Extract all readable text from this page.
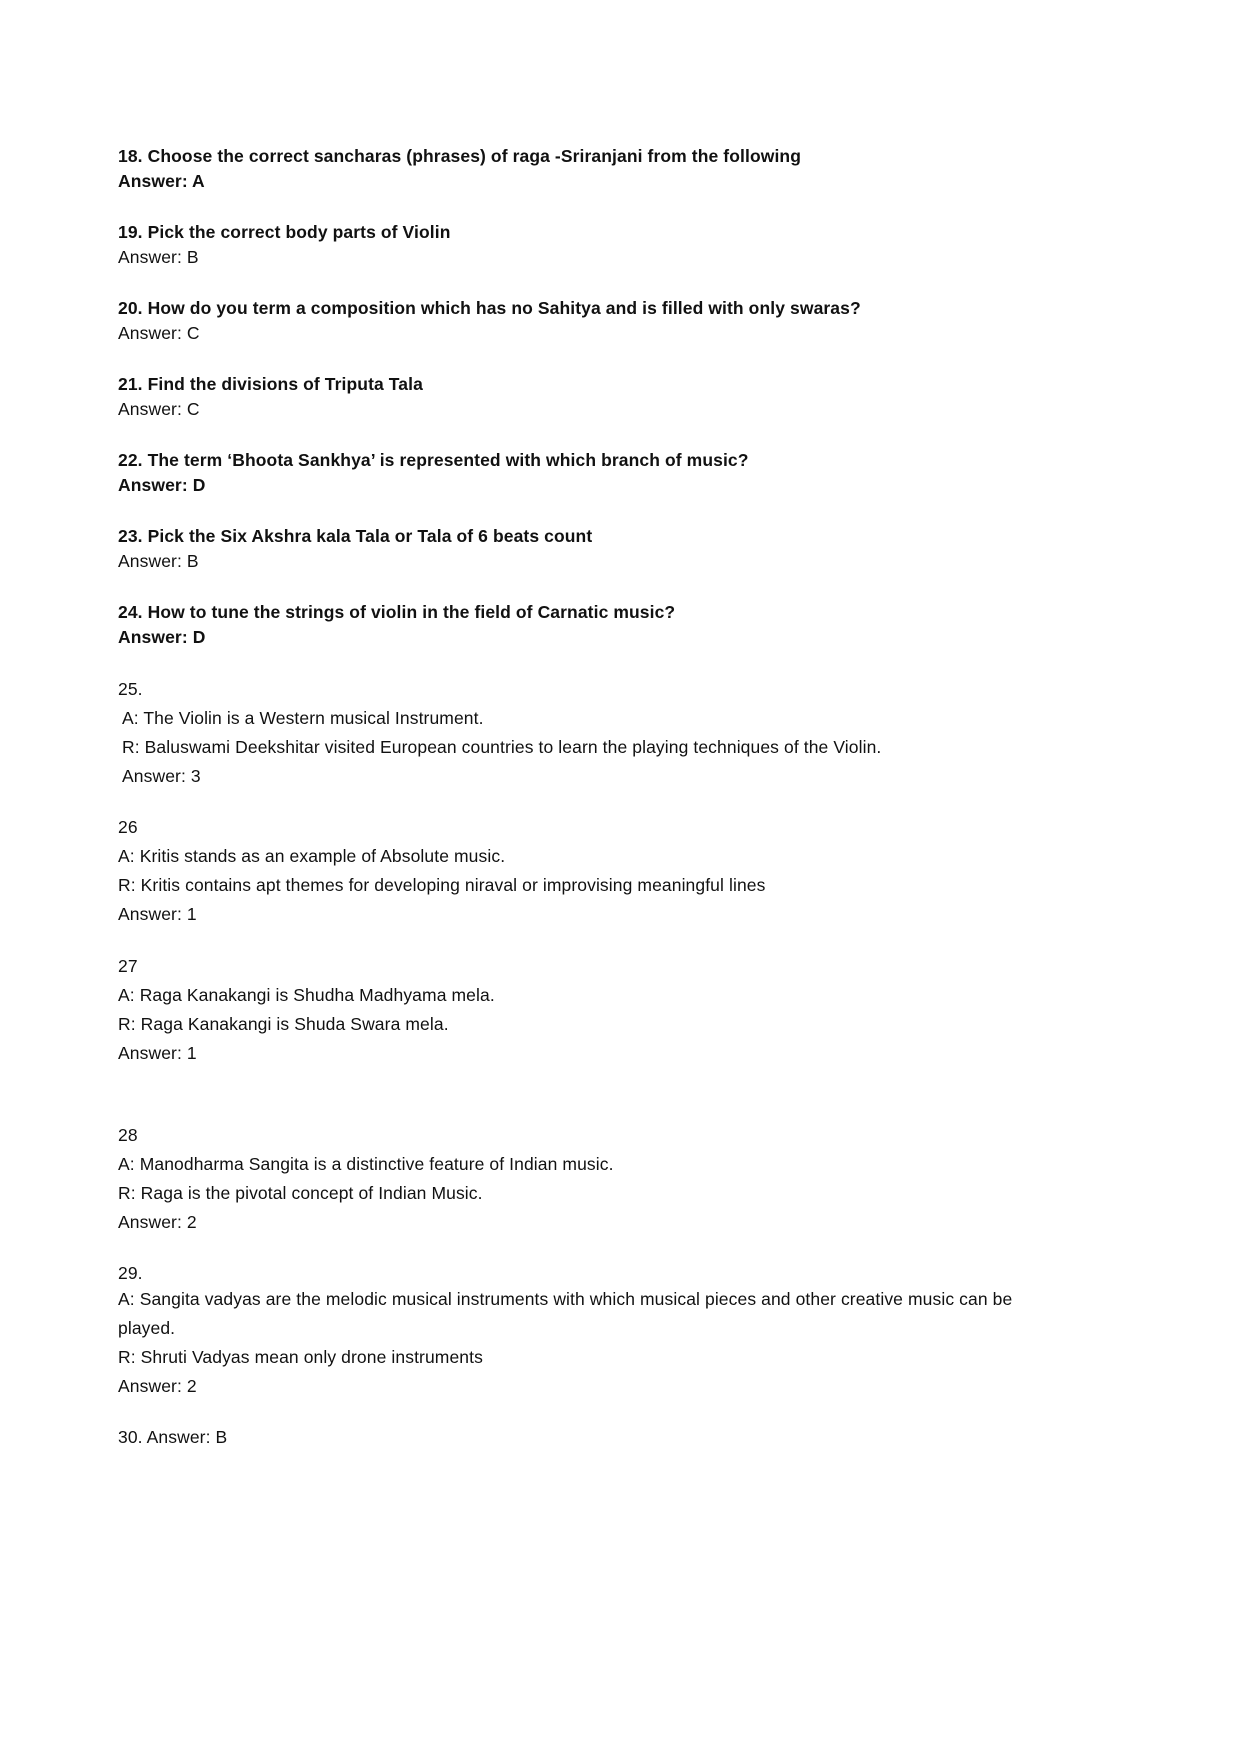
18. Choose the correct sancharas (phrases) of raga -Sriranjani from the following
Answer: A
19. Pick the correct body parts of Violin
Answer: B
20. How do you term a composition which has no Sahitya and is filled with only swaras?
Answer: C
21. Find the divisions of Triputa Tala
Answer: C
22. The term ‘Bhoota Sankhya’ is represented with which branch of music?
Answer: D
23. Pick the Six Akshra kala Tala or Tala of 6 beats count
Answer: B
24. How to tune the strings of violin in the field of Carnatic music?
Answer: D
25.
A: The Violin is a Western musical Instrument.
R: Baluswami Deekshitar visited European countries to learn the playing techniques of the Violin.
Answer: 3
26
A: Kritis stands as an example of Absolute music.
R: Kritis contains apt themes for developing niraval or improvising meaningful lines
Answer: 1
27
A: Raga Kanakangi is Shudha Madhyama mela.
R: Raga Kanakangi is Shuda Swara mela.
Answer: 1
28
A: Manodharma Sangita is a distinctive feature of Indian music.
R: Raga is the pivotal concept of Indian Music.
Answer: 2
29.
A: Sangita vadyas are the melodic musical instruments with which musical pieces and other creative music can be
played.
R: Shruti Vadyas mean only drone instruments
Answer: 2
30. Answer: B
